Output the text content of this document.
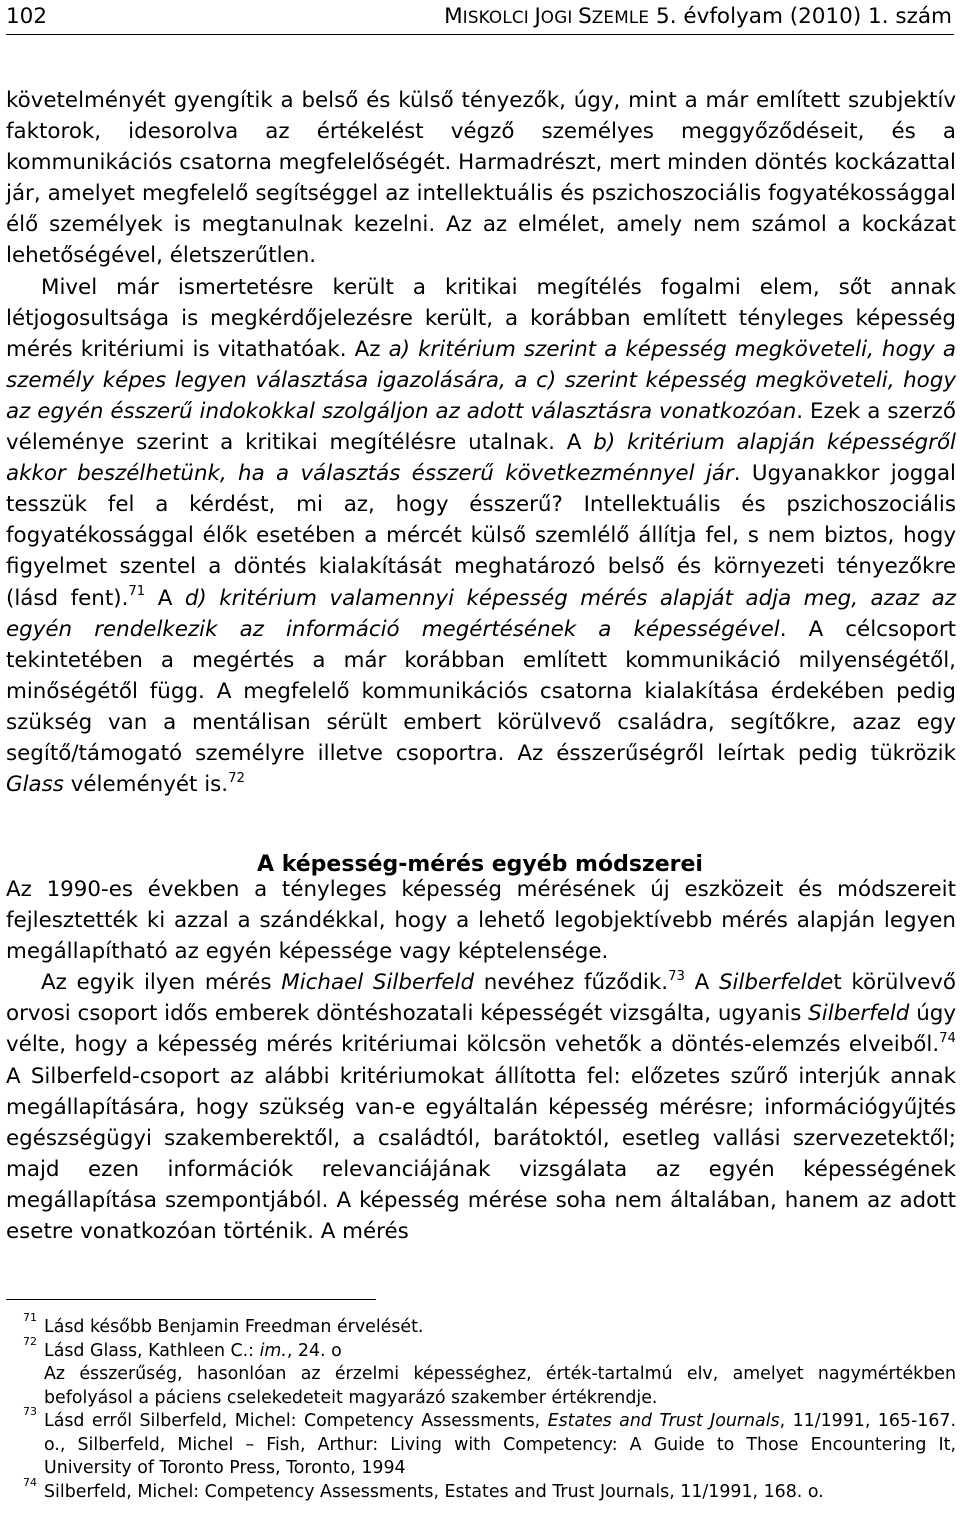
102	MISKOLCI JOGI SZEMLE 5. évfolyam (2010) 1. szám

követelményét gyengítik a belső és külső tényezők, úgy, mint a már említett szubjektív faktorok, idesorolva az értékelést végző személyes meggyőződéseit, és a kommunikációs csatorna megfelelőségét. Harmadrészt, mert minden döntés kockázattal jár, amelyet megfelelő segítséggel az intellektuális és pszichoszociális fogyatékossággal élő személyek is megtanulnak kezelni. Az az elmélet, amely nem számol a kockázat lehetőségével, életszerűtlen.

Mivel már ismertetésre került a kritikai megítélés fogalmi elem, sőt annak létjogosultsága is megkérdőjelezésre került, a korábban említett tényleges képesség mérés kritériumi is vitathatóak. Az a) kritérium szerint a képesség megköveteli, hogy a személy képes legyen választása igazolására, a c) szerint képesség megköveteli, hogy az egyén ésszerű indokokkal szolgáljon az adott választásra vonatkozóan. Ezek a szerző véleménye szerint a kritikai megítélésre utalnak. A b) kritérium alapján képességről akkor beszélhetünk, ha a választás ésszerű következménnyel jár. Ugyanakkor joggal tesszük fel a kérdést, mi az, hogy ésszerű? Intellektuális és pszichoszociális fogyatékossággal élők esetében a mércét külső szemlélő állítja fel, s nem biztos, hogy figyelmet szentel a döntés kialakítását meghatározó belső és környezeti tényezőkre (lásd fent).$^{71}$ A d) kritérium valamennyi képesség mérés alapját adja meg, azaz az egyén rendelkezik az információ megértésének a képességével. A célcsoport tekintetében a megértés a már korábban említett kommunikáció milyenségétől, minőségétől függ. A megfelelő kommunikációs csatorna kialakítása érdekében pedig szükség van a mentálisan sérült embert körülvevő családra, segítőkre, azaz egy segítő/támogató személyre illetve csoportra. Az ésszerűségről leírtak pedig tükrözik Glass véleményét is.$^{72}$

A képesség-mérés egyéb módszerei

Az 1990-es években a tényleges képesség mérésének új eszközeit és módszereit fejlesztették ki azzal a szándékkal, hogy a lehető legobjektívebb mérés alapján legyen megállapítható az egyén képessége vagy képtelensége.

Az egyik ilyen mérés Michael Silberfeld nevéhez fűződik.$^{73}$ A Silberfeldet körülvevő orvosi csoport idős emberek döntéshozatali képességét vizsgálta, ugyanis Silberfeld úgy vélte, hogy a képesség mérés kritériumai kölcsön vehetők a döntés-elemzés elveiből.$^{74}$ A Silberfeld-csoport az alábbi kritériumokat állította fel: előzetes szűrő interjúk annak megállapítására, hogy szükség van-e egyáltalán képesség mérésre; információgyűjtés egészségügyi szakemberektől, a családtól, barátoktól, esetleg vallási szervezetektől; majd ezen információk relevanciájának vizsgálata az egyén képességének megállapítása szempontjából. A képesség mérése soha nem általában, hanem az adott esetre vonatkozóan történik. A mérés

71 Lásd később Benjamin Freedman érvelését.
72 Lásd Glass, Kathleen C.: im., 24. o
Az ésszerűség, hasonlóan az érzelmi képességhez, érték-tartalmú elv, amelyet nagymértékben befolyásol a páciens cselekedeteit magyarázó szakember értékrendje.
73 Lásd erről Silberfeld, Michel: Competency Assessments, Estates and Trust Journals, 11/1991, 165-167. o., Silberfeld, Michel – Fish, Arthur: Living with Competency: A Guide to Those Encountering It, University of Toronto Press, Toronto, 1994
74 Silberfeld, Michel: Competency Assessments, Estates and Trust Journals, 11/1991, 168. o.
